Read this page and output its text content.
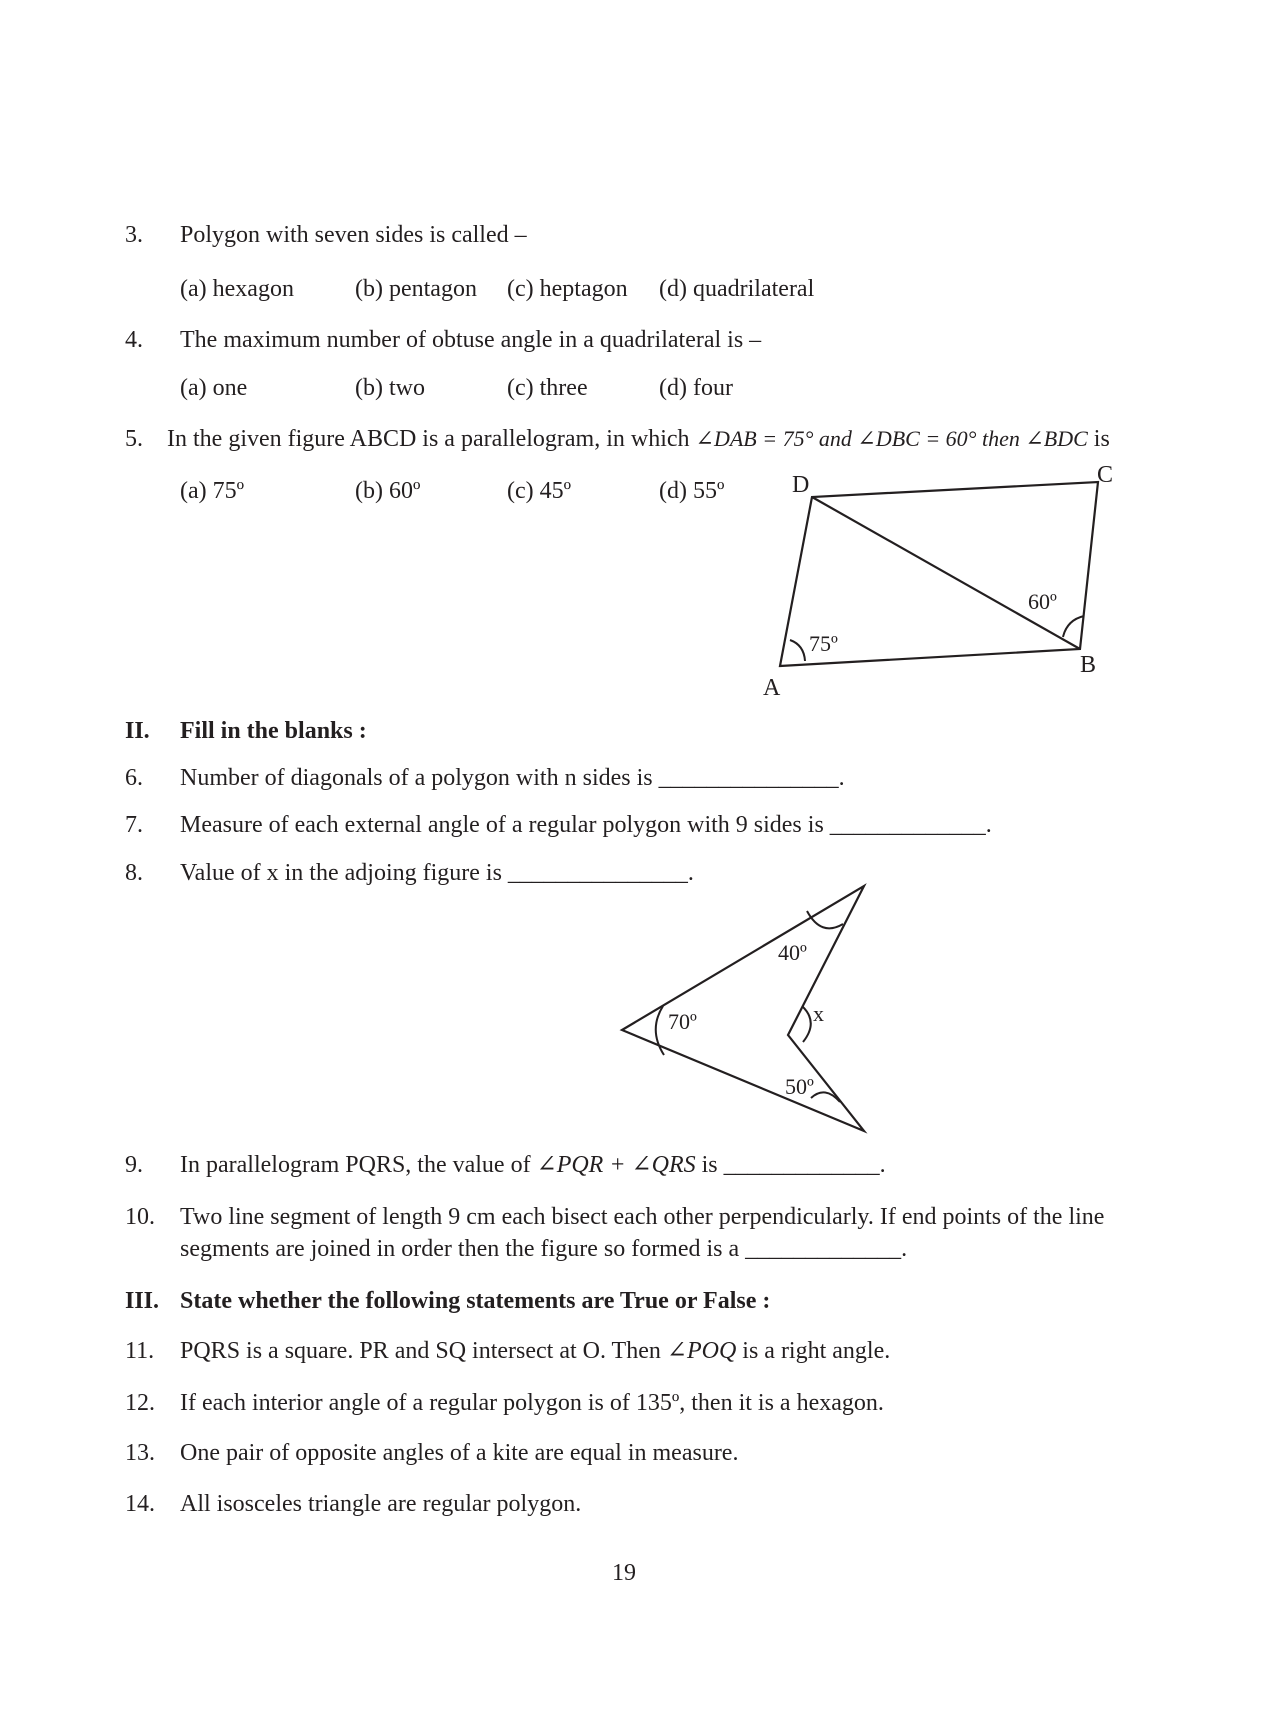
3. Polygon with seven sides is called –
(a) hexagon	(b) pentagon (c) heptagon (d) quadrilateral
4. The maximum number of obtuse angle in a quadrilateral is –
(a) one	(b) two	(c) three	(d) four
5. In the given figure ABCD is a parallelogram, in which ∠DAB = 75° and ∠DBC = 60° then ∠BDC is
(a) 75º	(b) 60º	(c) 45º	(d) 55º	D	C
A
B
75º
60º
II. Fill in the blanks :
6. Number of diagonals of a polygon with n sides is _______________.
7. Measure of each external angle of a regular polygon with 9 sides is _____________.
8. Value of x in the adjoing figure is _______________.
70º
40º
x
50º
9. In parallelogram PQRS, the value of ∠PQR + ∠QRS is _____________.
10. Two line segment of length 9 cm each bisect each other perpendicularly. If end points of the line
segments are joined in order then the figure so formed is a _____________.
III. State whether the following statements are True or False :
11. PQRS is a square. PR and SQ intersect at O. Then ∠POQ is a right angle.
12. If each interior angle of a regular polygon is of 135º, then it is a hexagon.
13. One pair of opposite angles of a kite are equal in measure.
14. All isosceles triangle are regular polygon.
19
